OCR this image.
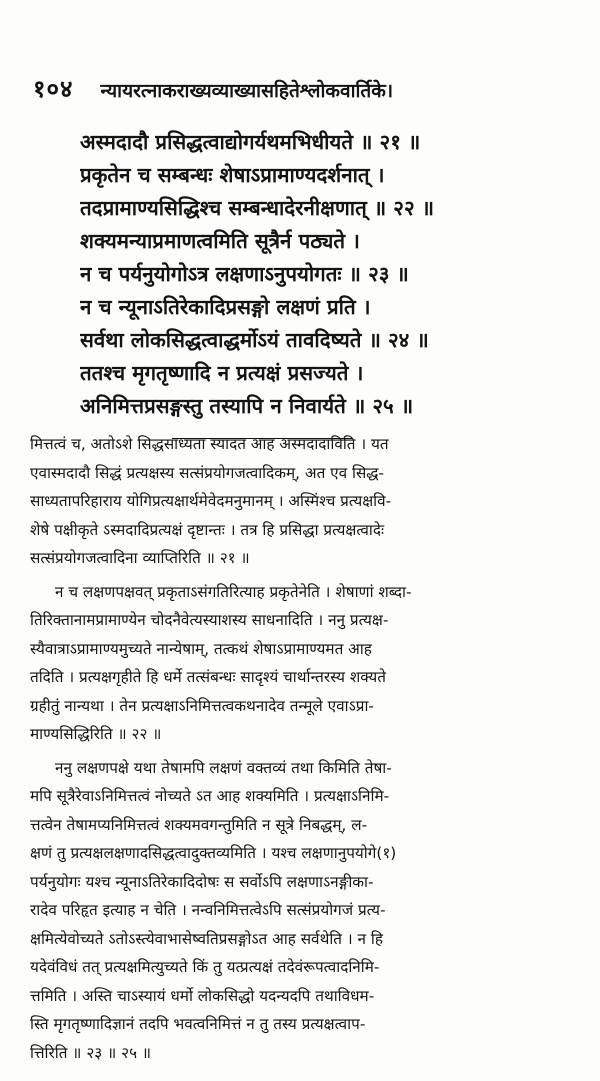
१०४ न्यायरत्नाकराख्यव्याख्यासहितेश्लोकवार्तिके।
अस्मदादौ प्रसिद्धत्वाद्योगर्यथमभिधीयते ॥ २१ ॥
प्रकृतेन च सम्बन्धः शेषाऽप्रामाण्यदर्शनात् ।
तदप्रामाण्यसिद्धिश्च सम्बन्धादेरनीक्षणात् ॥ २२ ॥
शक्यमन्याप्रमाणत्वमिति सूत्रैर्न पठ्यते ।
न च पर्यनुयोगोऽत्र लक्षणाऽनुपयोगतः ॥ २३ ॥
न च न्यूनाऽतिरेकादिप्रसङ्गो लक्षणं प्रति ।
सर्वथा लोकसिद्धत्वाद्धर्मोऽयं तावदिष्यते ॥ २४ ॥
ततश्च मृगतृष्णादि न प्रत्यक्षं प्रसज्यते ।
अनिमित्तप्रसङ्गस्तु तस्यापि न निवार्यते ॥ २५ ॥
मित्तत्वं च, अतोऽशे सिद्धसाध्यता स्यादत आह अस्मदादाविति । यत
एवास्मदादौ सिद्धं प्रत्यक्षस्य सत्संप्रयोगजत्वादिकम्, अत एव सिद्ध-
साध्यतापरिहाराय योगिप्रत्यक्षार्थमेवेदमनुमानम् । अस्मिंश्च प्रत्यक्षवि-
शेषे पक्षीकृते ऽस्मदादिप्रत्यक्षं दृष्टान्तः । तत्र हि प्रसिद्धा प्रत्यक्षत्वादेः
सत्संप्रयोगजत्वादिना व्याप्तिरिति ॥ २१ ॥
न च लक्षणपक्षवत् प्रकृताऽसंगतिरित्याह प्रकृतेनेति । शेषाणां शब्दा-
तिरिक्तानामप्रामाण्येन चोदनैवेत्यस्याशस्य साधनादिति । ननु प्रत्यक्ष-
स्यैवात्राऽप्रामाण्यमुच्यते नान्येषाम्, तत्कथं शेषाऽप्रामाण्यमत आह
तदिति । प्रत्यक्षगृहीते हि धर्मे तत्संबन्धः सादृश्यं चार्थान्तरस्य शक्यते
ग्रहीतुं नान्यथा । तेन प्रत्यक्षाऽनिमित्तत्वकथनादेव तन्मूले एवाऽप्रा-
माण्यसिद्धिरिति ॥ २२ ॥
ननु लक्षणपक्षे यथा तेषामपि लक्षणं वक्तव्यं तथा किमिति तेषा-
मपि सूत्रैरेवाऽनिमित्तत्वं नोच्यते ऽत आह शक्यमिति । प्रत्यक्षाऽनिमि-
त्तत्वेन तेषामप्यनिमित्तत्वं शक्यमवगन्तुमिति न सूत्रे निबद्धम्, ल-
क्षणं तु प्रत्यक्षलक्षणादसिद्धत्वादुक्तव्यमिति । यश्च लक्षणानुपयोगे(१)
पर्यनुयोगः यश्च न्यूनाऽतिरेकादिदोषः स सर्वोऽपि लक्षणाऽनङ्गीका-
रादेव परिहृत इत्याह न चेति । नन्वनिमित्तत्वेऽपि सत्संप्रयोगजं प्रत्य-
क्षमित्येवोच्यते ऽतोऽस्त्येवाभासेष्वतिप्रसङ्गोऽत आह सर्वथेति । न हि
यदेवंविधं तत् प्रत्यक्षमित्युच्यते किं तु यत्प्रत्यक्षं तदेवंरूपत्वादनिमि-
त्तमिति । अस्ति चाऽस्यायं धर्मो लोकसिद्धो यदन्यदपि तथाविधम-
स्ति मृगतृष्णादिज्ञानं तदपि भवत्वनिमित्तं न तु तस्य प्रत्यक्षत्वाप-
त्तिरिति ॥ २३ ॥ २५ ॥
